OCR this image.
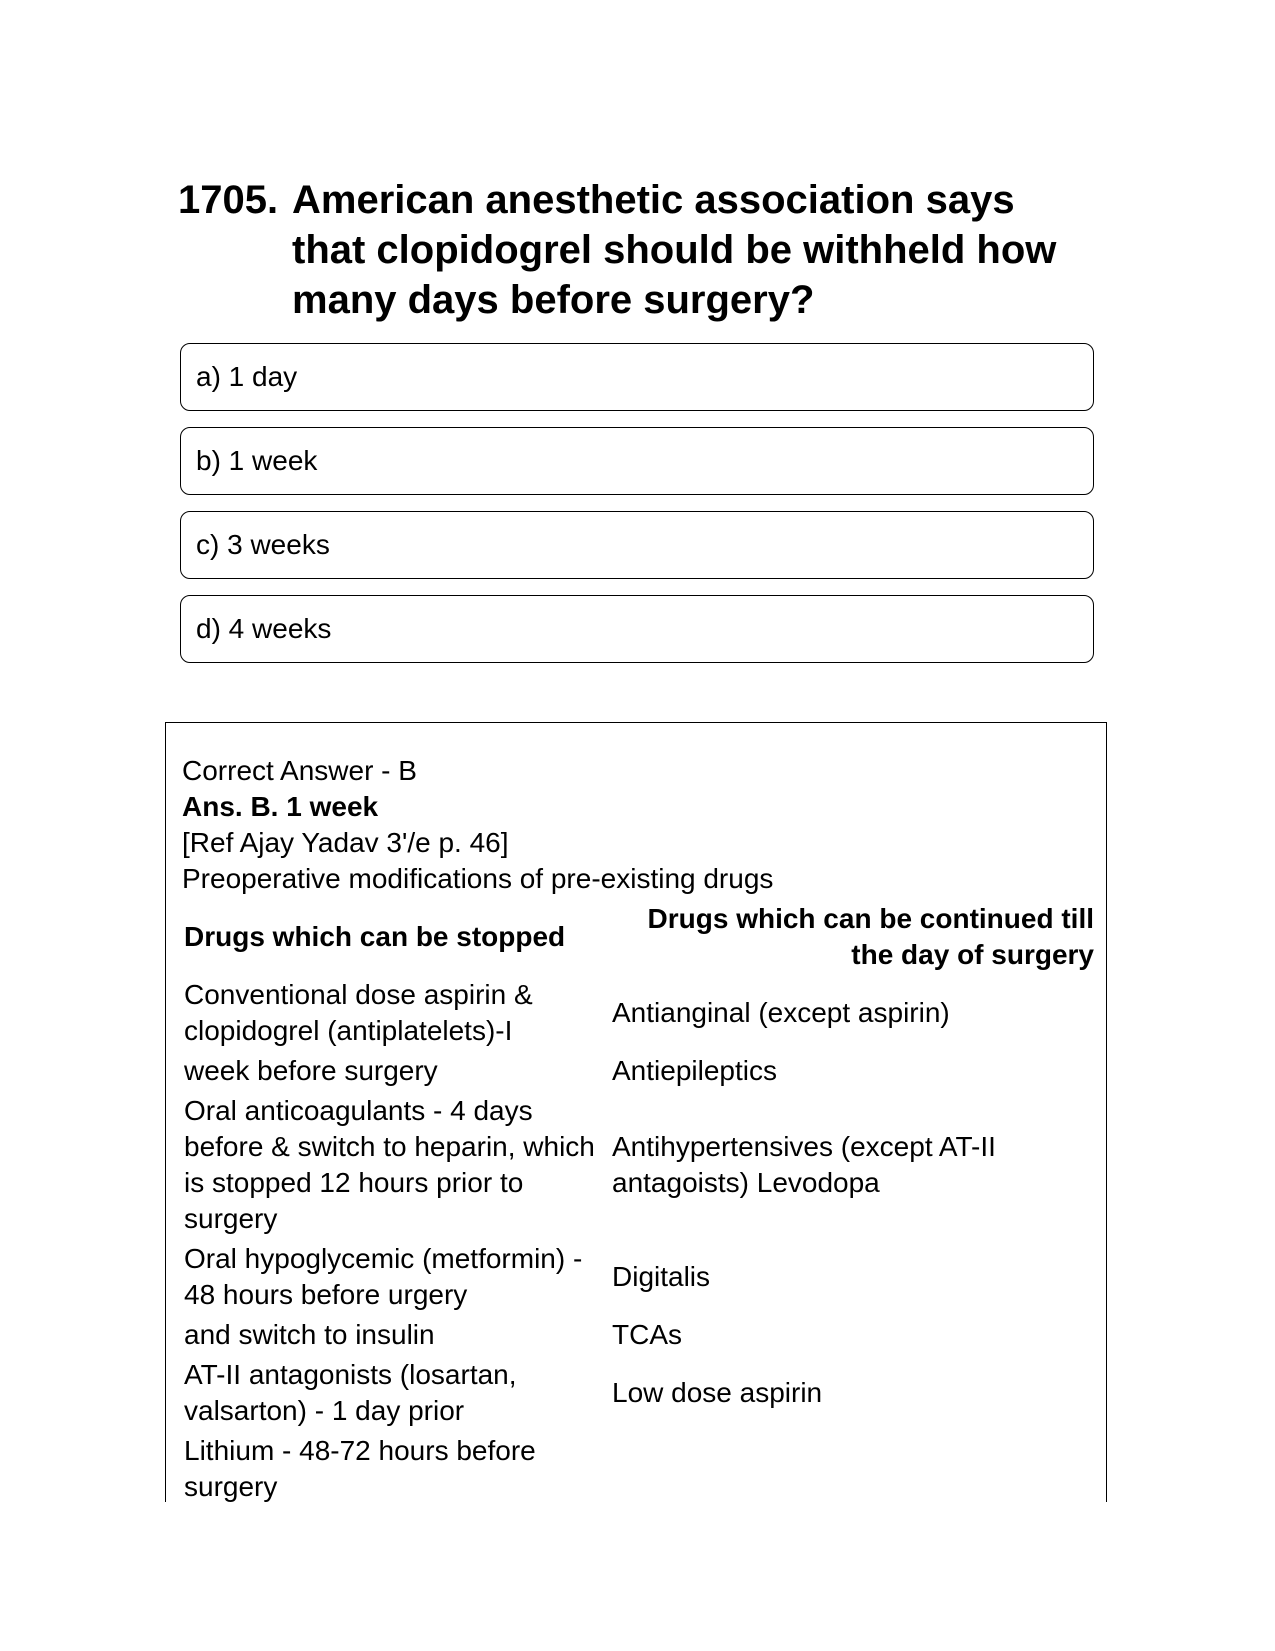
1705. American anesthetic association says that clopidogrel should be withheld how many days before surgery?
a) 1 day
b) 1 week
c) 3 weeks
d) 4 weeks
Correct Answer - B
Ans. B. 1 week
[Ref Ajay Yadav 3'/e p. 46]
Preoperative modifications of pre-existing drugs
Drugs which can be stopped	Drugs which can be continued till the day of surgery
Conventional dose aspirin & clopidogrel (antiplatelets)-I	Antianginal (except aspirin)
week before surgery	Antiepileptics
Oral anticoagulants - 4 days before & switch to heparin, which is stopped 12 hours prior to surgery	Antihypertensives (except AT-II antagoists) Levodopa
Oral hypoglycemic (metformin) - 48 hours before urgery	Digitalis
and switch to insulin	TCAs
AT-II antagonists (losartan, valsarton) - 1 day prior	Low dose aspirin
Lithium - 48-72 hours before surgery	
